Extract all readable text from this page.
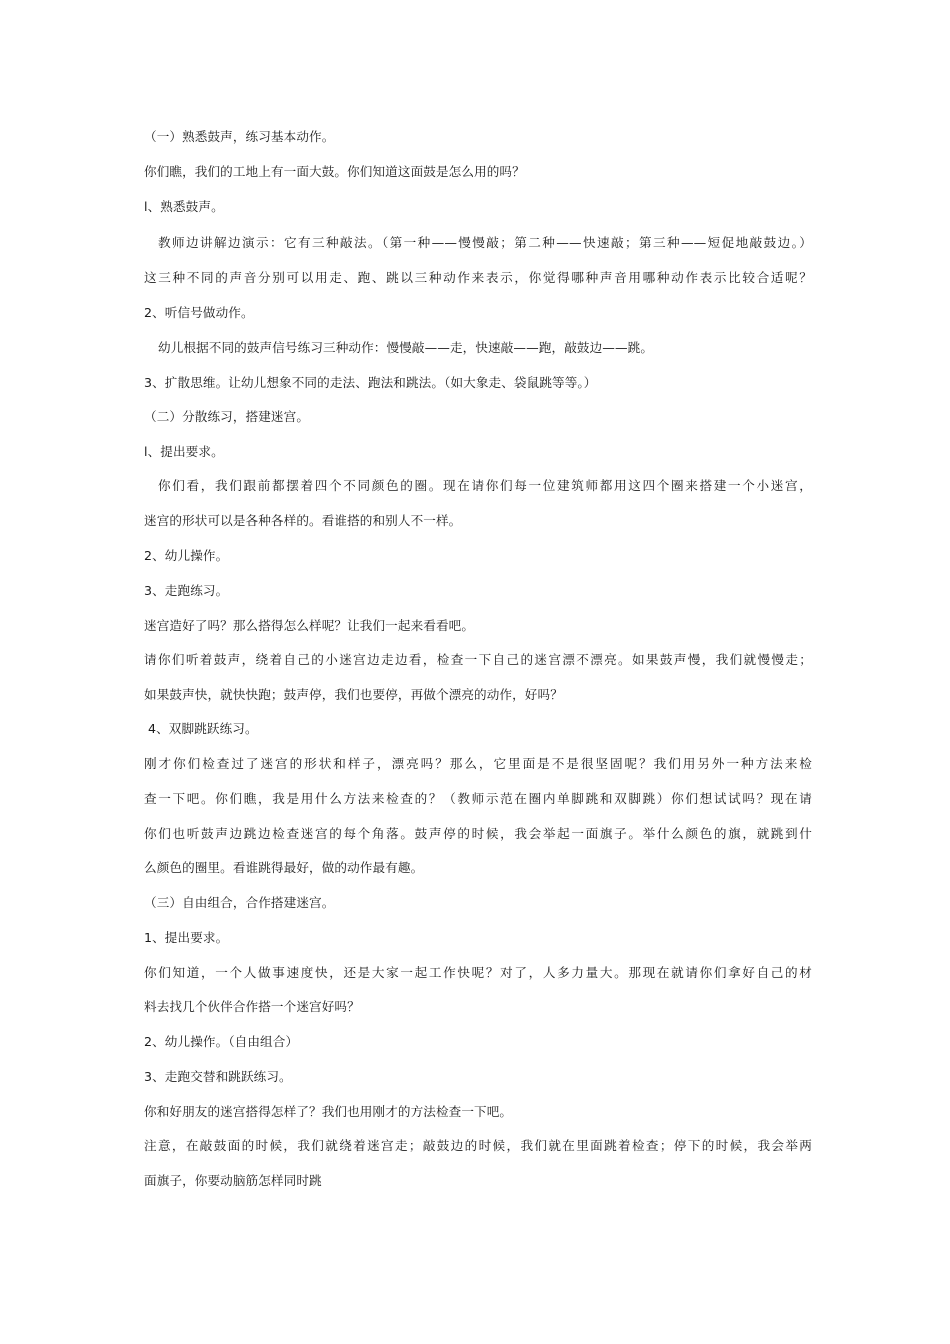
（一）熟悉鼓声，练习基本动作。
你们瞧，我们的工地上有一面大鼓。你们知道这面鼓是怎么用的吗？
l、熟悉鼓声。
教师边讲解边演示：它有三种敲法。（第一种——慢慢敲；第二种——快速敲；第三种——短促地敲鼓边。）
这三种不同的声音分别可以用走、跑、跳以三种动作来表示，你觉得哪种声音用哪种动作表示比较合适呢？
2、听信号做动作。
幼儿根据不同的鼓声信号练习三种动作：慢慢敲——走，快速敲——跑，敲鼓边——跳。
3、扩散思维。让幼儿想象不同的走法、跑法和跳法。（如大象走、袋鼠跳等等。）
（二）分散练习，搭建迷宫。
l、提出要求。
你们看，我们跟前都摆着四个不同颜色的圈。现在请你们每一位建筑师都用这四个圈来搭建一个小迷宫，
迷宫的形状可以是各种各样的。看谁搭的和别人不一样。
2、幼儿操作。
3、走跑练习。
迷宫造好了吗？那么搭得怎么样呢？让我们一起来看看吧。
请你们听着鼓声，绕着自己的小迷宫边走边看，检查一下自己的迷宫漂不漂亮。如果鼓声慢，我们就慢慢走；
如果鼓声快，就快快跑；鼓声停，我们也要停，再做个漂亮的动作，好吗？
4、双脚跳跃练习。
刚才你们检查过了迷宫的形状和样子，漂亮吗？那么，它里面是不是很坚固呢？我们用另外一种方法来检
查一下吧。你们瞧，我是用什么方法来检查的？（教师示范在圈内单脚跳和双脚跳）你们想试试吗？现在请
你们也听鼓声边跳边检查迷宫的每个角落。鼓声停的时候，我会举起一面旗子。举什么颜色的旗，就跳到什
么颜色的圈里。看谁跳得最好，做的动作最有趣。
（三）自由组合，合作搭建迷宫。
1、提出要求。
你们知道，一个人做事速度快，还是大家一起工作快呢？对了，人多力量大。那现在就请你们拿好自己的材
料去找几个伙伴合作搭一个迷宫好吗？
2、幼儿操作。（自由组合）
3、走跑交替和跳跃练习。
你和好朋友的迷宫搭得怎样了？我们也用刚才的方法检查一下吧。
注意，在敲鼓面的时候，我们就绕着迷宫走；敲鼓边的时候，我们就在里面跳着检查；停下的时候，我会举两
面旗子，你要动脑筋怎样同时跳
